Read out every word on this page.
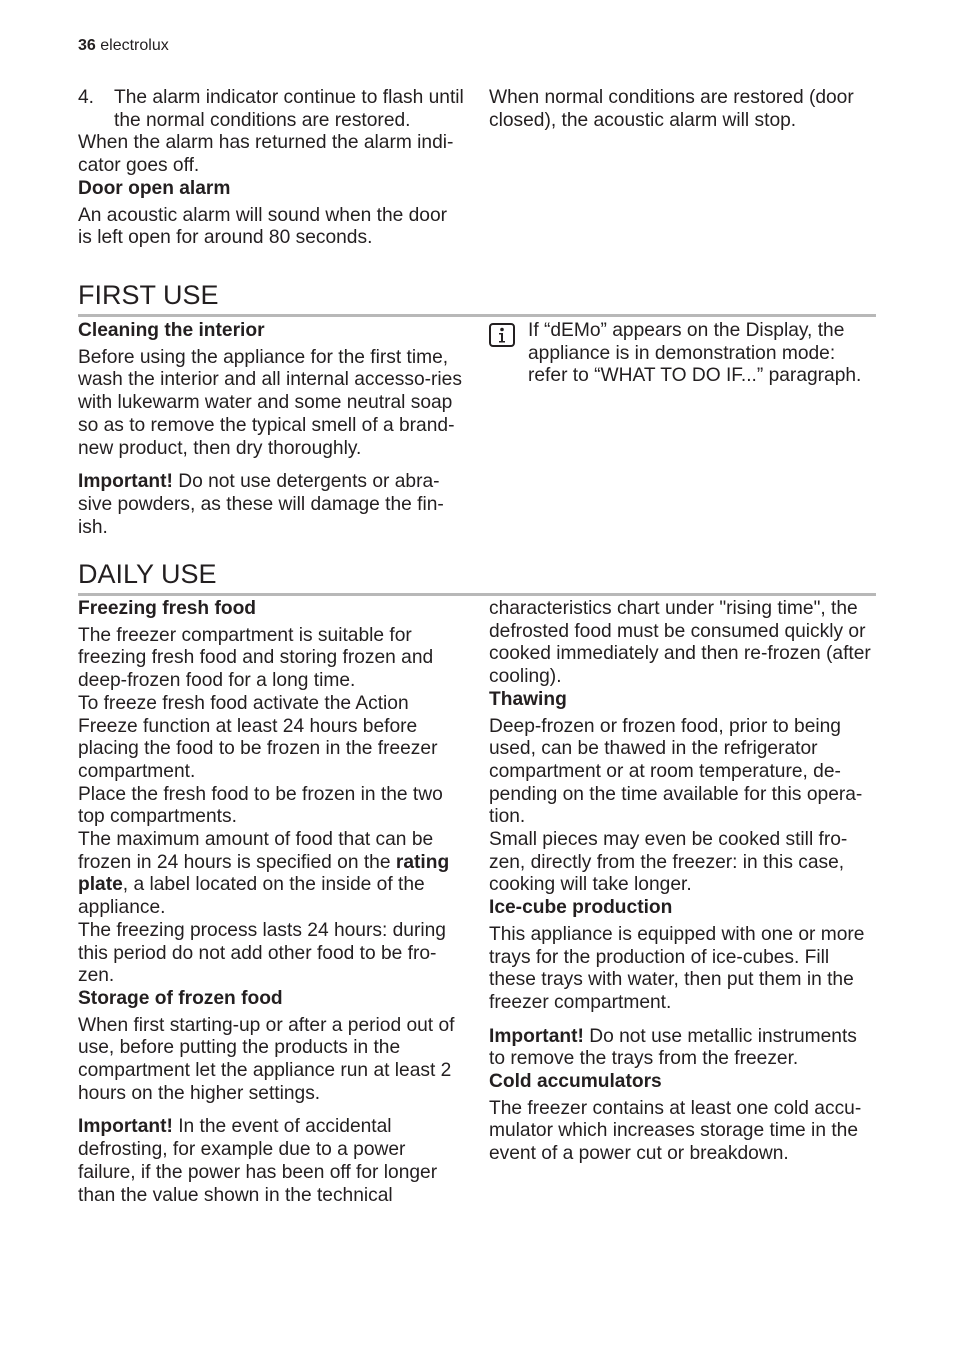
36 electrolux

4. The alarm indicator continue to flash until the normal conditions are restored.

When the alarm has returned the alarm indi-cator goes off.

Door open alarm

An acoustic alarm will sound when the door is left open for around 80 seconds.

When normal conditions are restored (door closed), the acoustic alarm will stop.

FIRST USE

Cleaning the interior

Before using the appliance for the first time, wash the interior and all internal accesso-ries with lukewarm water and some neutral soap so as to remove the typical smell of a brand-new product, then dry thoroughly.

Important! Do not use detergents or abra-sive powders, as these will damage the fin-ish.

If “dEMo” appears on the Display, the appliance is in demonstration mode: refer to “WHAT TO DO IF...” paragraph.

DAILY USE

Freezing fresh food

The freezer compartment is suitable for freezing fresh food and storing frozen and deep-frozen food for a long time.

To freeze fresh food activate the Action Freeze function at least 24 hours before placing the food to be frozen in the freezer compartment.

Place the fresh food to be frozen in the two top compartments.

The maximum amount of food that can be frozen in 24 hours is specified on the rating plate, a label located on the inside of the appliance.

The freezing process lasts 24 hours: during this period do not add other food to be fro-zen.

Storage of frozen food

When first starting-up or after a period out of use, before putting the products in the compartment let the appliance run at least 2 hours on the higher settings.

Important! In the event of accidental defrosting, for example due to a power failure, if the power has been off for longer than the value shown in the technical

characteristics chart under "rising time", the defrosted food must be consumed quickly or cooked immediately and then re-frozen (after cooling).

Thawing

Deep-frozen or frozen food, prior to being used, can be thawed in the refrigerator compartment or at room temperature, de-pending on the time available for this opera-tion.

Small pieces may even be cooked still fro-zen, directly from the freezer: in this case, cooking will take longer.

Ice-cube production

This appliance is equipped with one or more trays for the production of ice-cubes. Fill these trays with water, then put them in the freezer compartment.

Important! Do not use metallic instruments to remove the trays from the freezer.

Cold accumulators

The freezer contains at least one cold accu-mulator which increases storage time in the event of a power cut or breakdown.
